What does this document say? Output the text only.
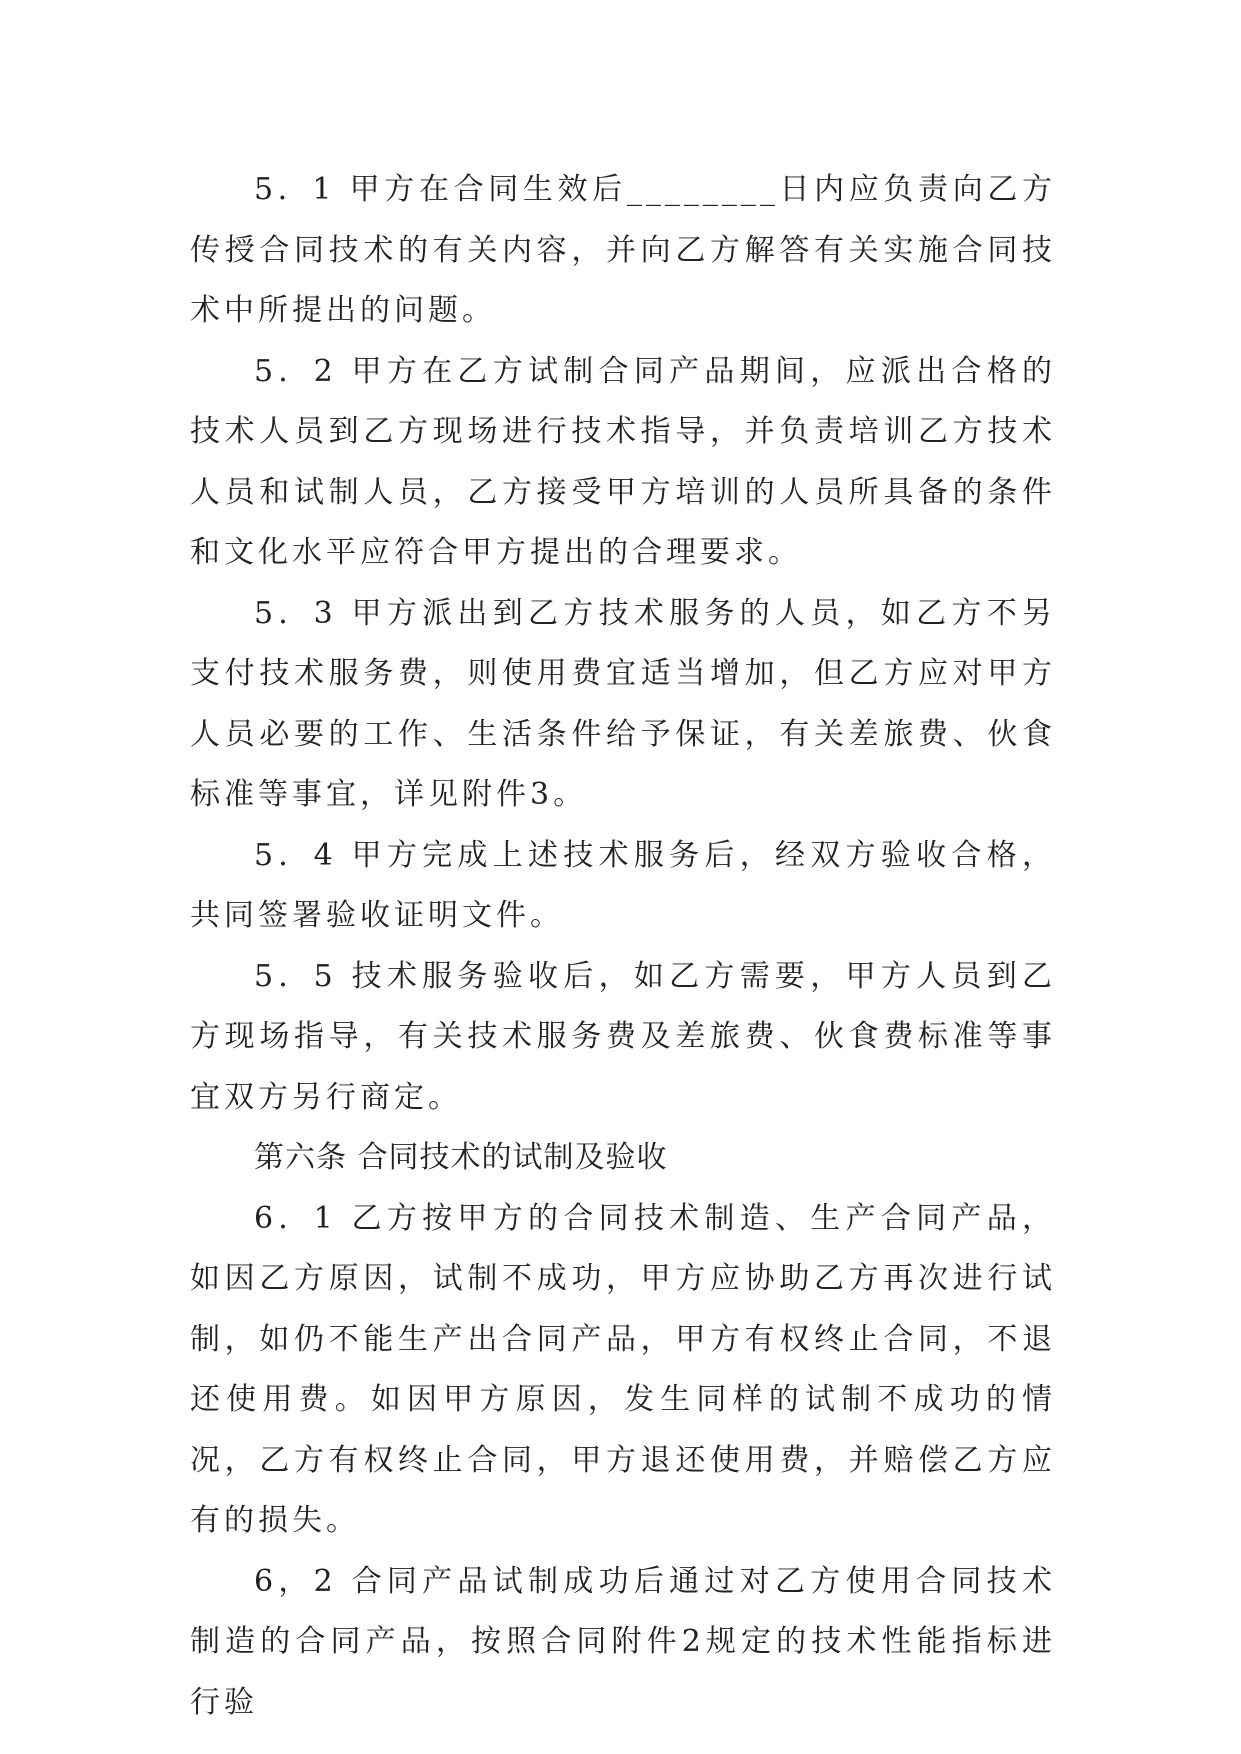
5．1 甲方在合同生效后________日内应负责向乙方传授合同技术的有关内容，并向乙方解答有关实施合同技术中所提出的问题。

5．2 甲方在乙方试制合同产品期间，应派出合格的技术人员到乙方现场进行技术指导，并负责培训乙方技术人员和试制人员，乙方接受甲方培训的人员所具备的条件和文化水平应符合甲方提出的合理要求。

5．3 甲方派出到乙方技术服务的人员，如乙方不另支付技术服务费，则使用费宜适当增加，但乙方应对甲方人员必要的工作、生活条件给予保证，有关差旅费、伙食标准等事宜，详见附件3。

5．4 甲方完成上述技术服务后，经双方验收合格，共同签署验收证明文件。

5．5 技术服务验收后，如乙方需要，甲方人员到乙方现场指导，有关技术服务费及差旅费、伙食费标准等事宜双方另行商定。

第六条 合同技术的试制及验收

6．1 乙方按甲方的合同技术制造、生产合同产品，如因乙方原因，试制不成功，甲方应协助乙方再次进行试制，如仍不能生产出合同产品，甲方有权终止合同，不退还使用费。如因甲方原因，发生同样的试制不成功的情况，乙方有权终止合同，甲方退还使用费，并赔偿乙方应有的损失。

6，2 合同产品试制成功后通过对乙方使用合同技术制造的合同产品，按照合同附件2规定的技术性能指标进行验
